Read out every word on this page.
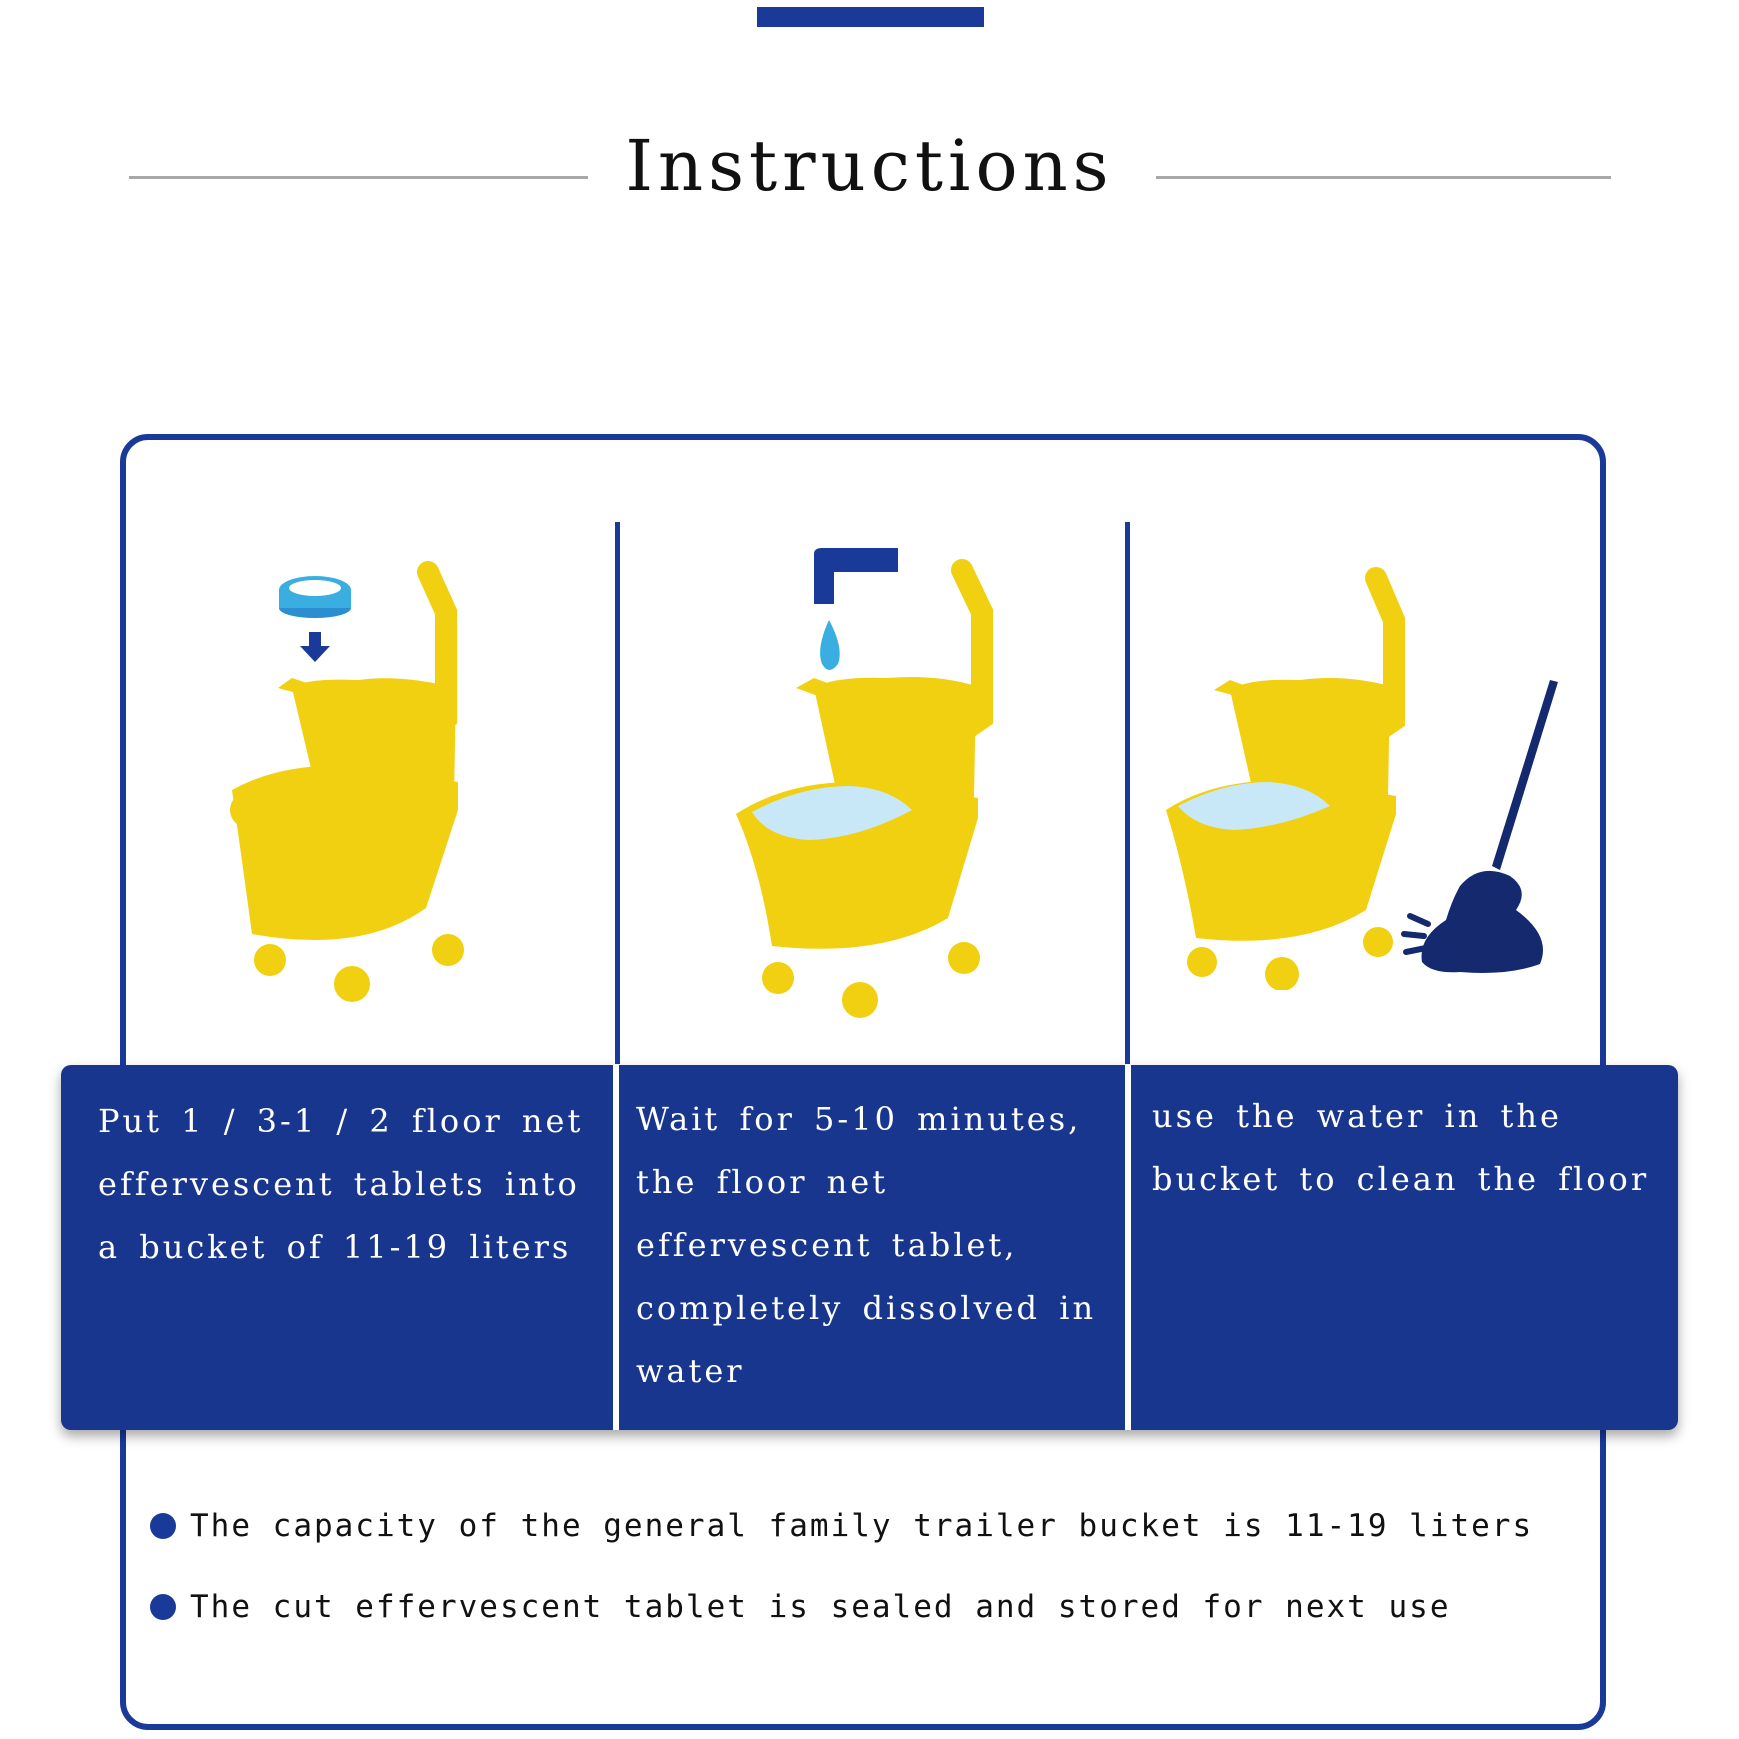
Instructions

Put 1 / 3-1 / 2 floor net effervescent tablets into a bucket of 11-19 liters

Wait for 5-10 minutes, the floor net effervescent tablet, completely dissolved in water

use the water in the bucket to clean the floor

The capacity of the general family trailer bucket is 11-19 liters
The cut effervescent tablet is sealed and stored for next use
